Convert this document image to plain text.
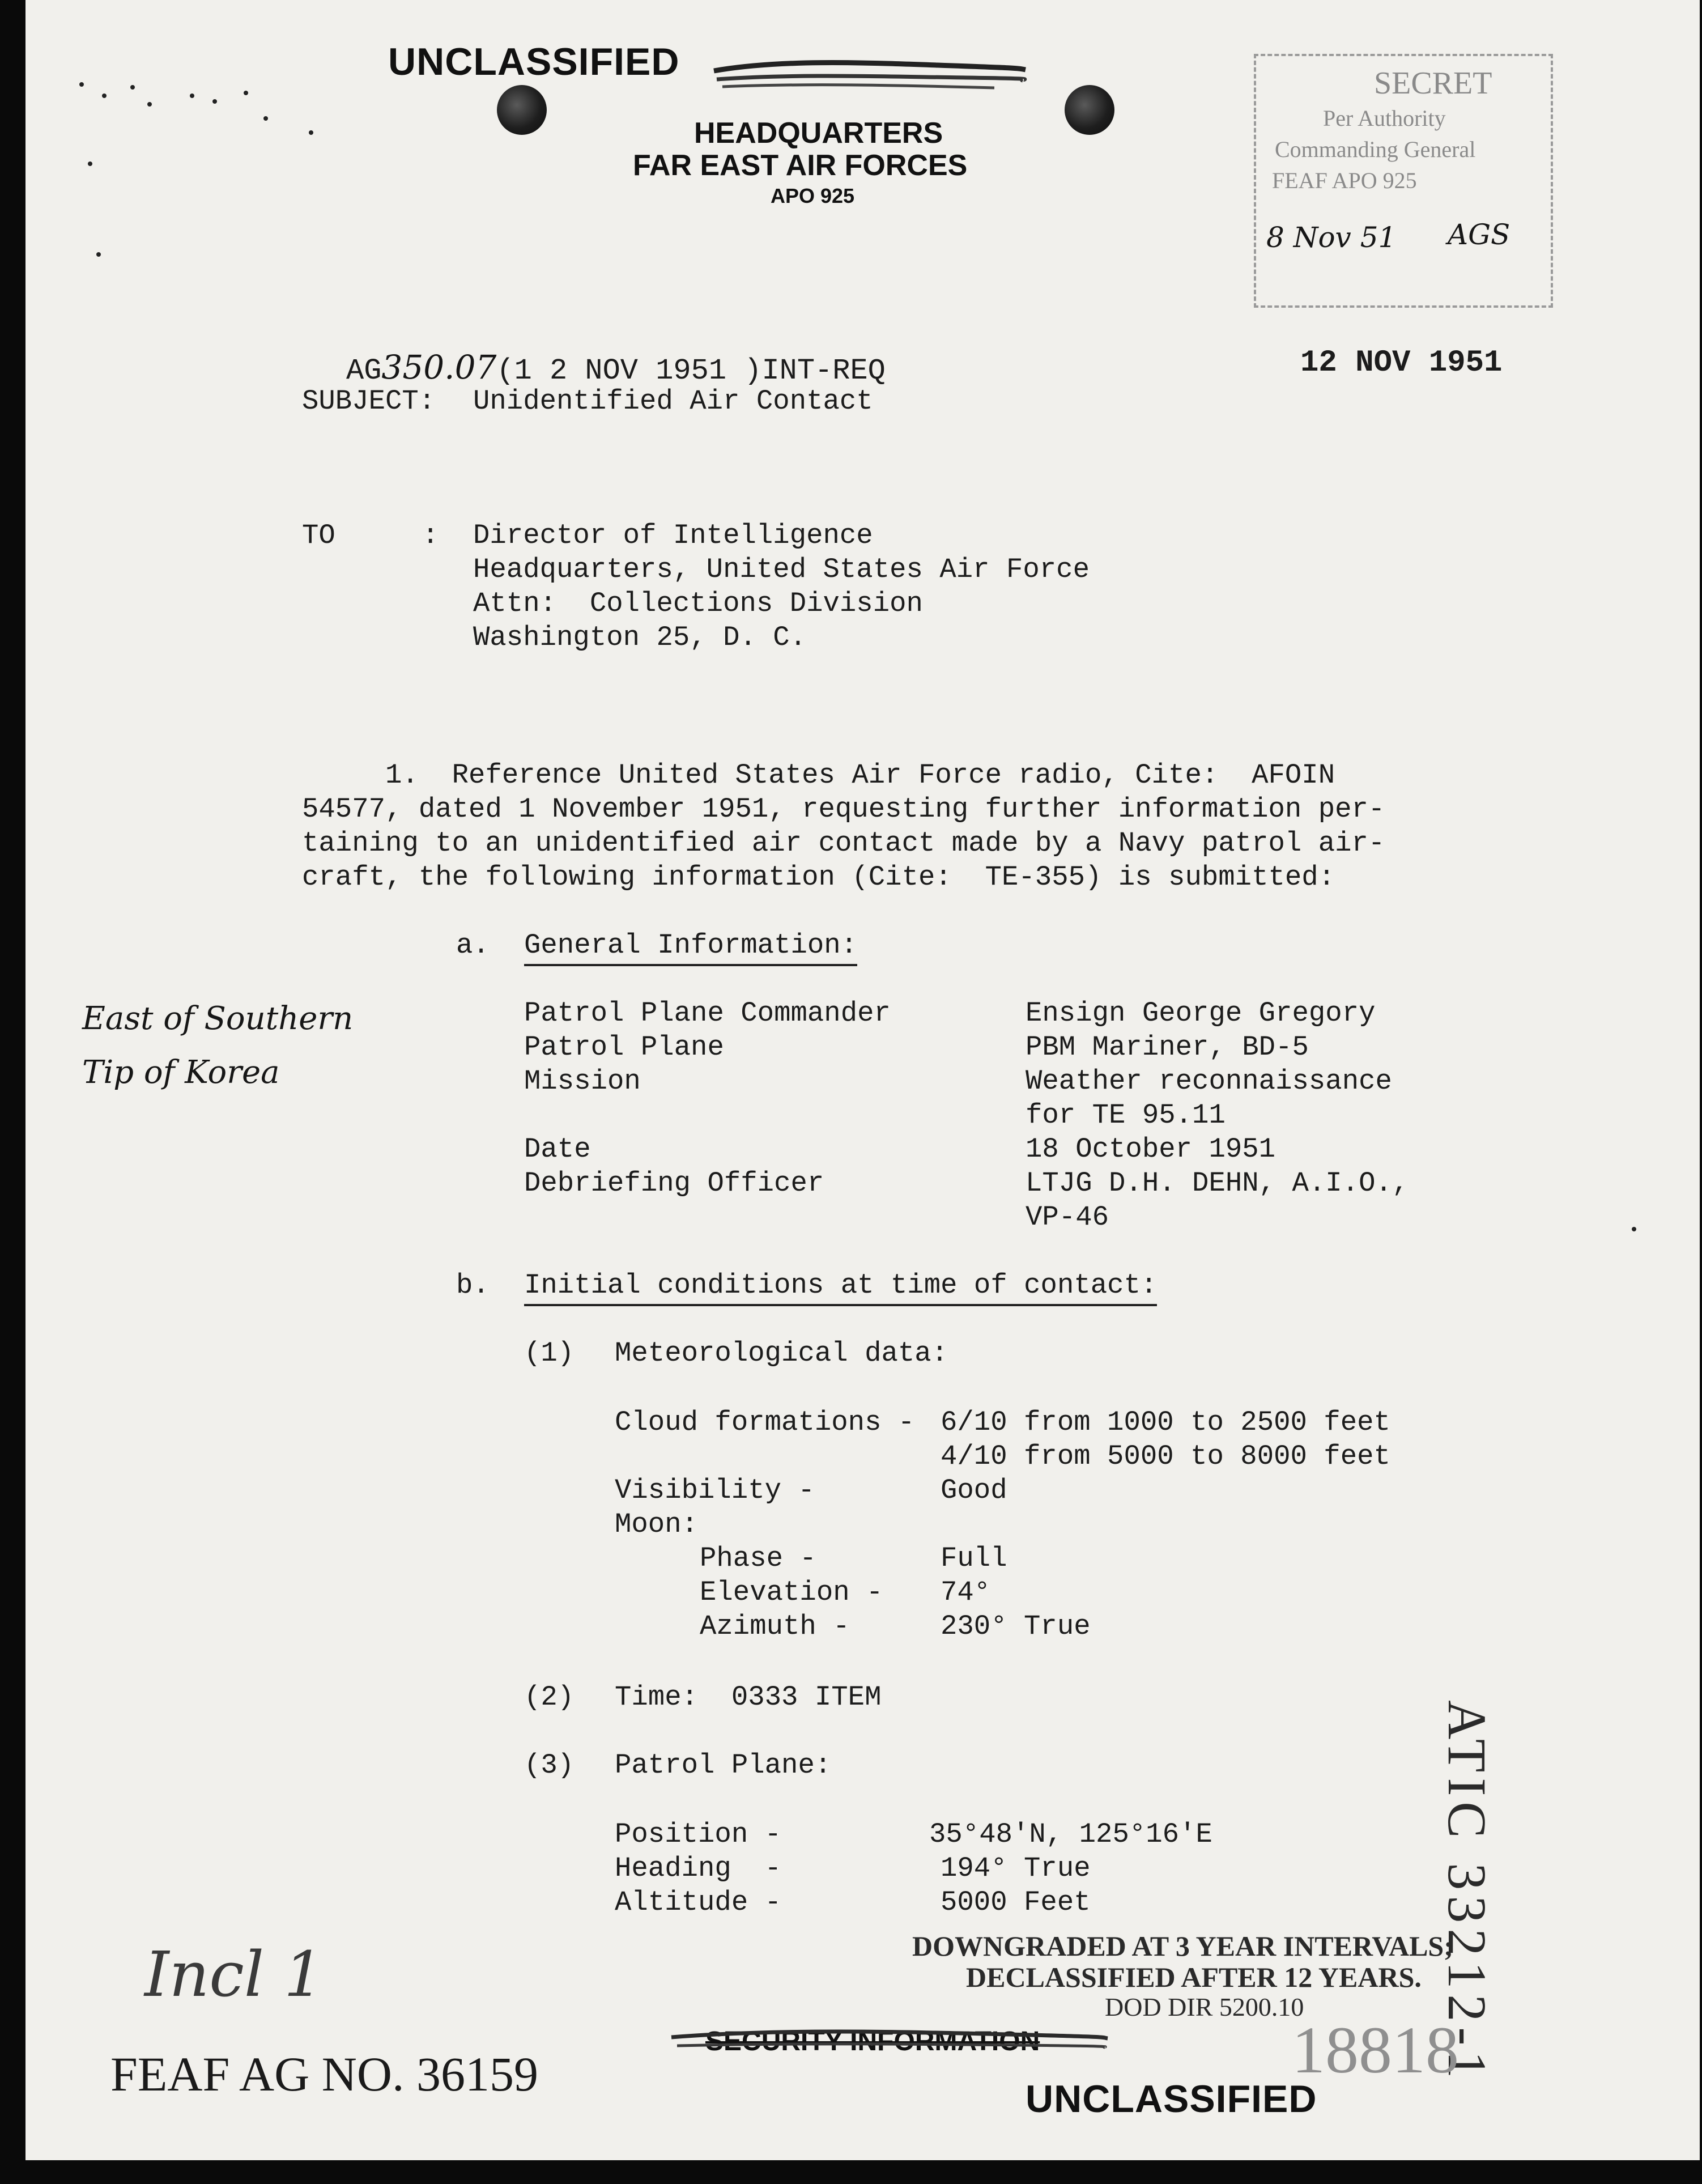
UNCLASSIFIED
HEADQUARTERS
FAR EAST AIR FORCES
APO 925
SECRET
Per Authority
Commanding General
FEAF APO 925
8 Nov 51 AGS

AG350.07(1 2 NOV 1951 )INT-REQ
	12 NOV 1951
SUBJECT: Unidentified Air Contact
TO	: Director of Intelligence
Headquarters, United States Air Force
Attn:  Collections Division
Washington 25, D. C.
1.  Reference United States Air Force radio, Cite:  AFOIN
54577, dated 1 November 1951, requesting further information per-
taining to an unidentified air contact made by a Navy patrol air-
craft, the following information (Cite:  TE-355) is submitted:
a. General Information:
Patrol Plane Commander	Ensign George Gregory
Patrol Plane	PBM Mariner, BD-5
Mission	Weather reconnaissance
for TE 95.11
Date	18 October 1951
Debriefing Officer	LTJG D.H. DEHN, A.I.O.,
VP-46
East of Southern
Tip of Korea
b. Initial conditions at time of contact:
(1) Meteorological data:
Cloud formations - 6/10 from 1000 to 2500 feet
4/10 from 5000 to 8000 feet
Visibility -	Good
Moon:
Phase -	Full
Elevation - 74°
Azimuth -	230° True
(2) Time:  0333 ITEM
(3) Patrol Plane:
Position -	35°48'N, 125°16'E
Heading  -	194° True
Altitude -	5000 Feet
DOWNGRADED AT 3 YEAR INTERVALS;
DECLASSIFIED AFTER 12 YEARS.
DOD DIR 5200.10 ATIC 33212-1
Incl 1
FEAF AG NO. 36159
SECURITY INFORMATION	18818
UNCLASSIFIED
